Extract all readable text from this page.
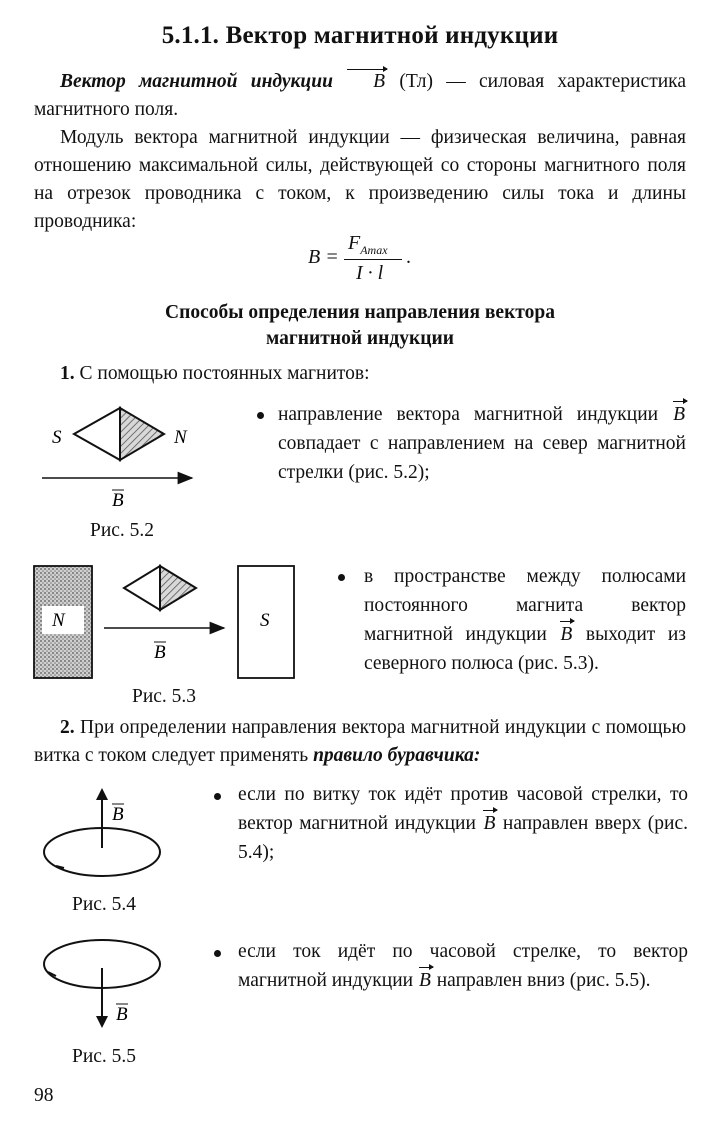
5.1.1. Вектор магнитной индукции
Вектор магнитной индукции B (Тл) — силовая характеристика магнитного поля.
Модуль вектора магнитной индукции — физическая величина, равная отношению максимальной силы, действующей со стороны магнитного поля на отрезок проводника с током, к произведению силы тока и длины проводника:
B =
$F_{Amax}$
I · l
.
Способы определения направления вектора
магнитной индукции
1. С помощью постоянных магнитов:
S	N
B
Рис. 5.2
направление вектора магнитной индукции B совпадает с направлением на север магнитной стрелки (рис. 5.2);
N	S
B
Рис. 5.3
в пространстве между полюсами постоянного магнита вектор магнитной индукции B выходит из северного полюса (рис. 5.3).
2. При определении направления вектора магнитной индукции с помощью витка с током следует применять правило буравчика:
B
Рис. 5.4
если по витку ток идёт против часовой стрелки, то вектор магнитной индукции B направлен вверх (рис. 5.4);
B
Рис. 5.5
если ток идёт по часовой стрелке, то вектор магнитной индукции B направлен вниз (рис. 5.5).
98
